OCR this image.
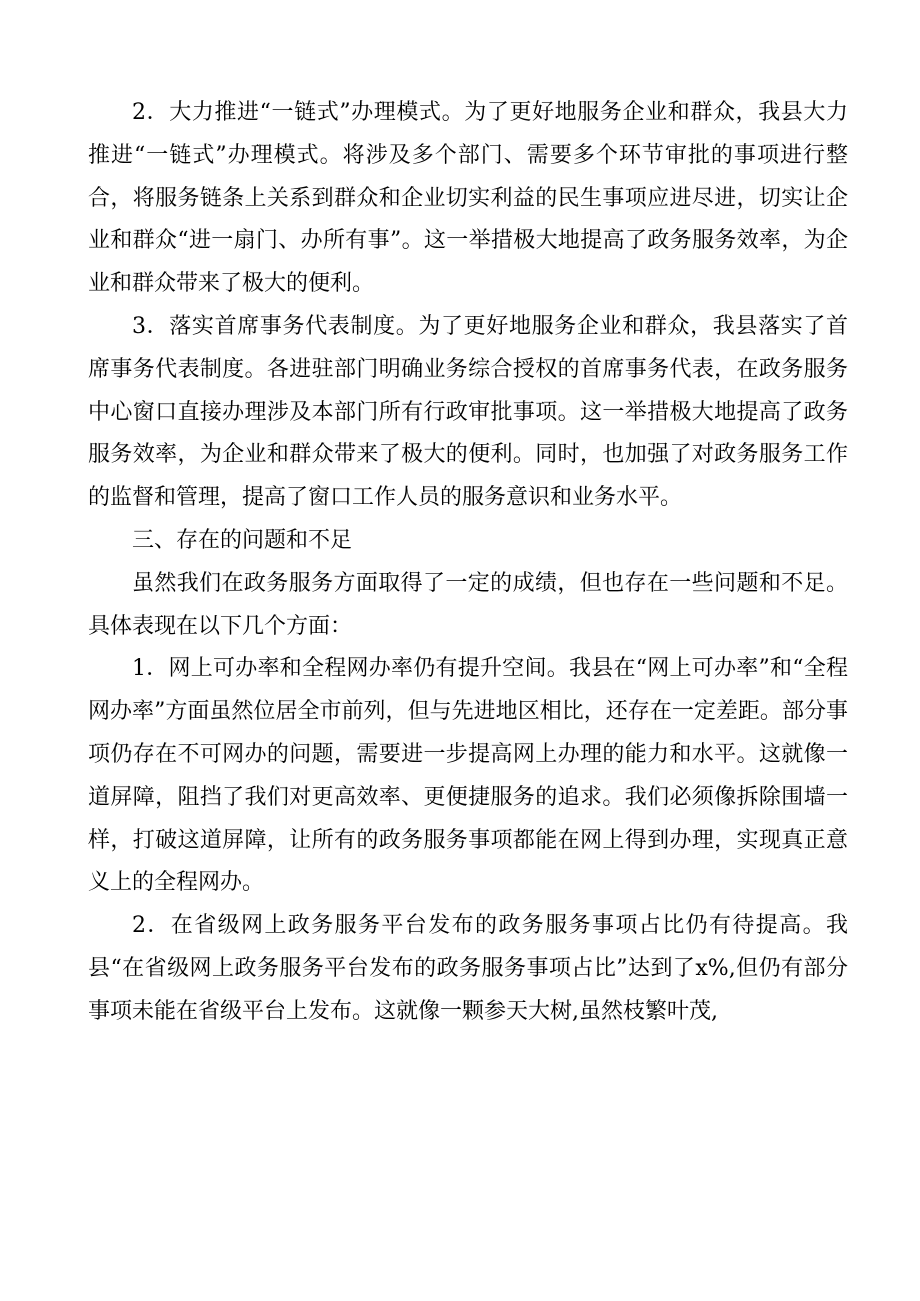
2．大力推进“一链式”办理模式。为了更好地服务企业和群众，我县大力推进“一链式”办理模式。将涉及多个部门、需要多个环节审批的事项进行整合，将服务链条上关系到群众和企业切实利益的民生事项应进尽进，切实让企业和群众“进一扇门、办所有事”。这一举措极大地提高了政务服务效率，为企业和群众带来了极大的便利。

3．落实首席事务代表制度。为了更好地服务企业和群众，我县落实了首席事务代表制度。各进驻部门明确业务综合授权的首席事务代表，在政务服务中心窗口直接办理涉及本部门所有行政审批事项。这一举措极大地提高了政务服务效率，为企业和群众带来了极大的便利。同时，也加强了对政务服务工作的监督和管理，提高了窗口工作人员的服务意识和业务水平。

三、存在的问题和不足

虽然我们在政务服务方面取得了一定的成绩，但也存在一些问题和不足。具体表现在以下几个方面：

1．网上可办率和全程网办率仍有提升空间。我县在“网上可办率”和“全程网办率”方面虽然位居全市前列，但与先进地区相比，还存在一定差距。部分事项仍存在不可网办的问题，需要进一步提高网上办理的能力和水平。这就像一道屏障，阻挡了我们对更高效率、更便捷服务的追求。我们必须像拆除围墙一样，打破这道屏障，让所有的政务服务事项都能在网上得到办理，实现真正意义上的全程网办。

2．在省级网上政务服务平台发布的政务服务事项占比仍有待提高。我县“在省级网上政务服务平台发布的政务服务事项占比”达到了x%,但仍有部分事项未能在省级平台上发布。这就像一颗参天大树,虽然枝繁叶茂,
